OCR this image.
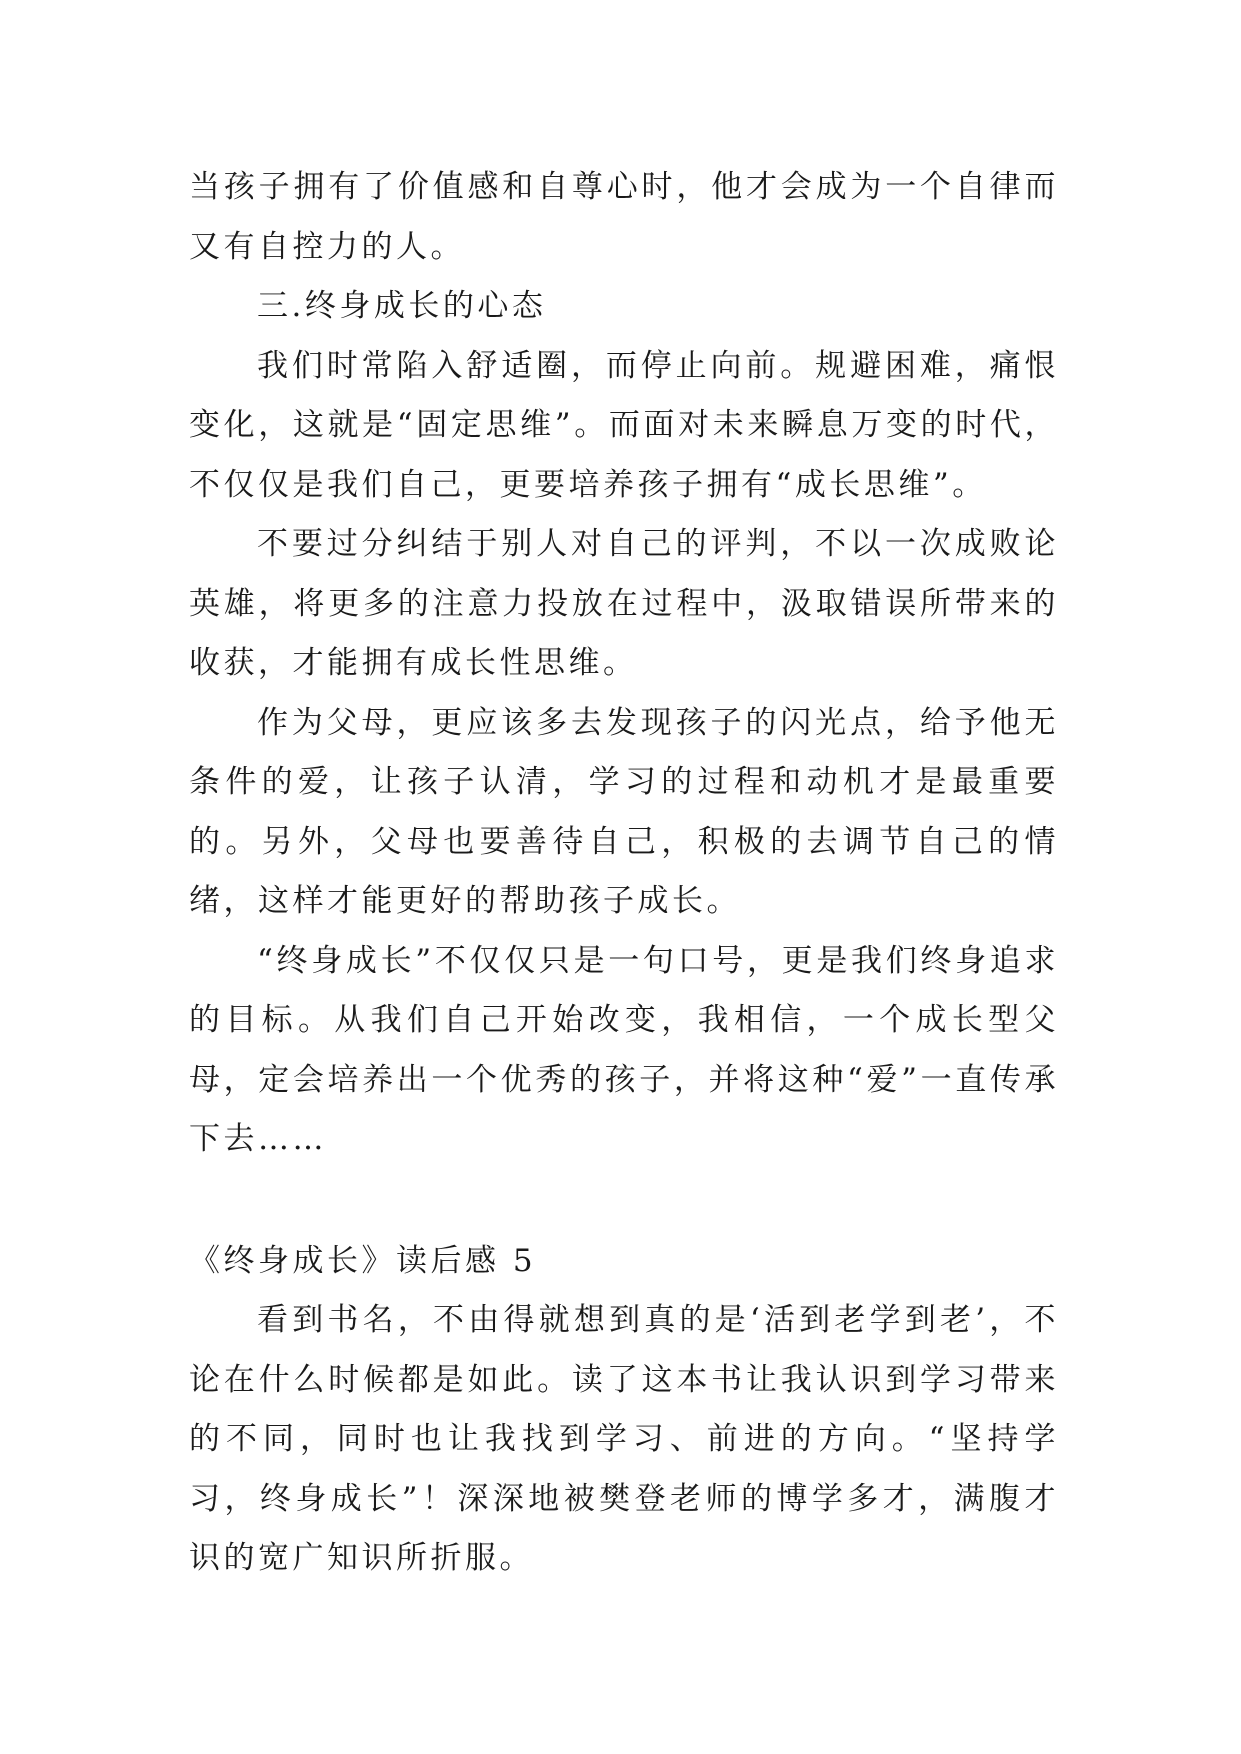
当孩子拥有了价值感和自尊心时，他才会成为一个自律而又有自控力的人。

三.终身成长的心态

我们时常陷入舒适圈，而停止向前。规避困难，痛恨变化，这就是“固定思维”。而面对未来瞬息万变的时代，不仅仅是我们自己，更要培养孩子拥有“成长思维”。

不要过分纠结于别人对自己的评判，不以一次成败论英雄，将更多的注意力投放在过程中，汲取错误所带来的收获，才能拥有成长性思维。

作为父母，更应该多去发现孩子的闪光点，给予他无条件的爱，让孩子认清，学习的过程和动机才是最重要的。另外，父母也要善待自己，积极的去调节自己的情绪，这样才能更好的帮助孩子成长。

“终身成长”不仅仅只是一句口号，更是我们终身追求的目标。从我们自己开始改变，我相信，一个成长型父母，定会培养出一个优秀的孩子，并将这种“爱”一直传承下去……

《终身成长》读后感 5

看到书名，不由得就想到真的是‘活到老学到老’，不论在什么时候都是如此。读了这本书让我认识到学习带来的不同，同时也让我找到学习、前进的方向。“坚持学习，终身成长”！深深地被樊登老师的博学多才，满腹才识的宽广知识所折服。
